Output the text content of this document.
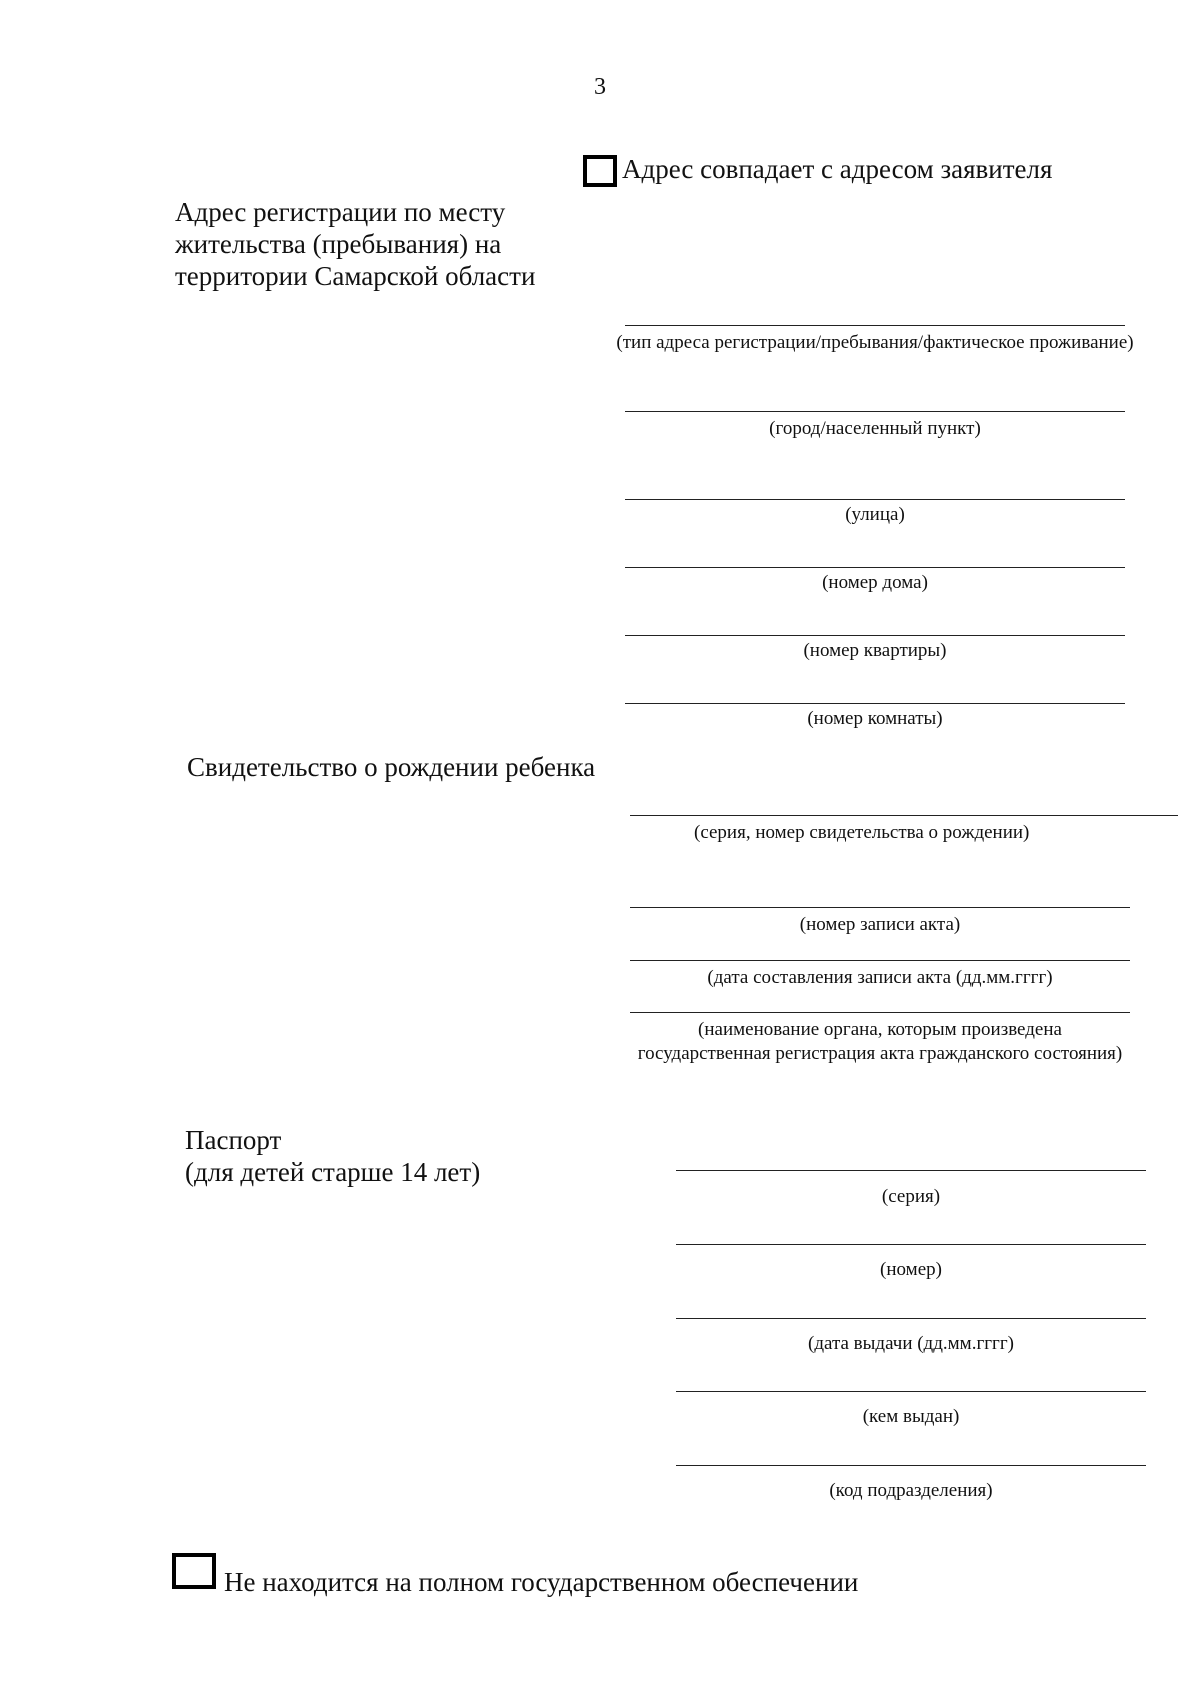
3
Адрес совпадает с адресом заявителя
Адрес регистрации по месту
жительства (пребывания) на
территории Самарской области
(тип адреса регистрации/пребывания/фактическое проживание)
(город/населенный пункт)
(улица)
(номер дома)
(номер квартиры)
(номер комнаты)
Свидетельство о рождении ребенка
(серия, номер свидетельства о рождении)
(номер записи акта)
(дата составления записи акта (дд.мм.гггг)
(наименование органа, которым произведена государственная регистрация акта гражданского состояния)
Паспорт
(для детей старше 14 лет)
(серия)
(номер)
(дата выдачи (дд.мм.гггг)
(кем выдан)
(код подразделения)
Не находится на полном государственном обеспечении
